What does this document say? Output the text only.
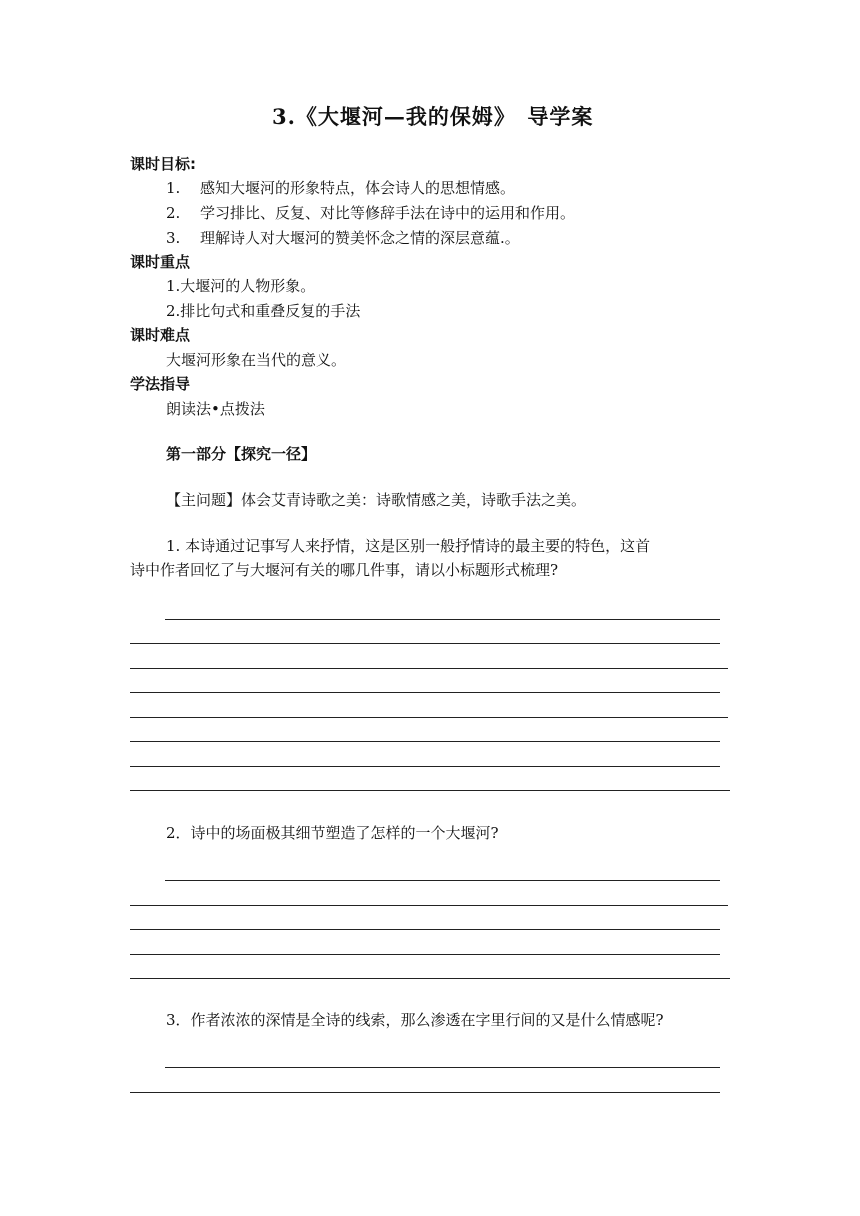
3.《大堰河—我的保姆》　导学案
课时目标:
1. 感知大堰河的形象特点，体会诗人的思想情感。
2. 学习排比、反复、对比等修辞手法在诗中的运用和作用。
3. 理解诗人对大堰河的赞美怀念之情的深层意蕴.。
课时重点
1.大堰河的人物形象。
2.排比句式和重叠反复的手法
课时难点
大堰河形象在当代的意义。
学法指导
朗读法•点拨法
第一部分【探究一径】
【主问题】体会艾青诗歌之美：诗歌情感之美，诗歌手法之美。
1. 本诗通过记事写人来抒情，这是区别一般抒情诗的最主要的特色，这首
诗中作者回忆了与大堰河有关的哪几件事，请以小标题形式梳理?
2．诗中的场面极其细节塑造了怎样的一个大堰河?
3．作者浓浓的深情是全诗的线索，那么渗透在字里行间的又是什么情感呢?
